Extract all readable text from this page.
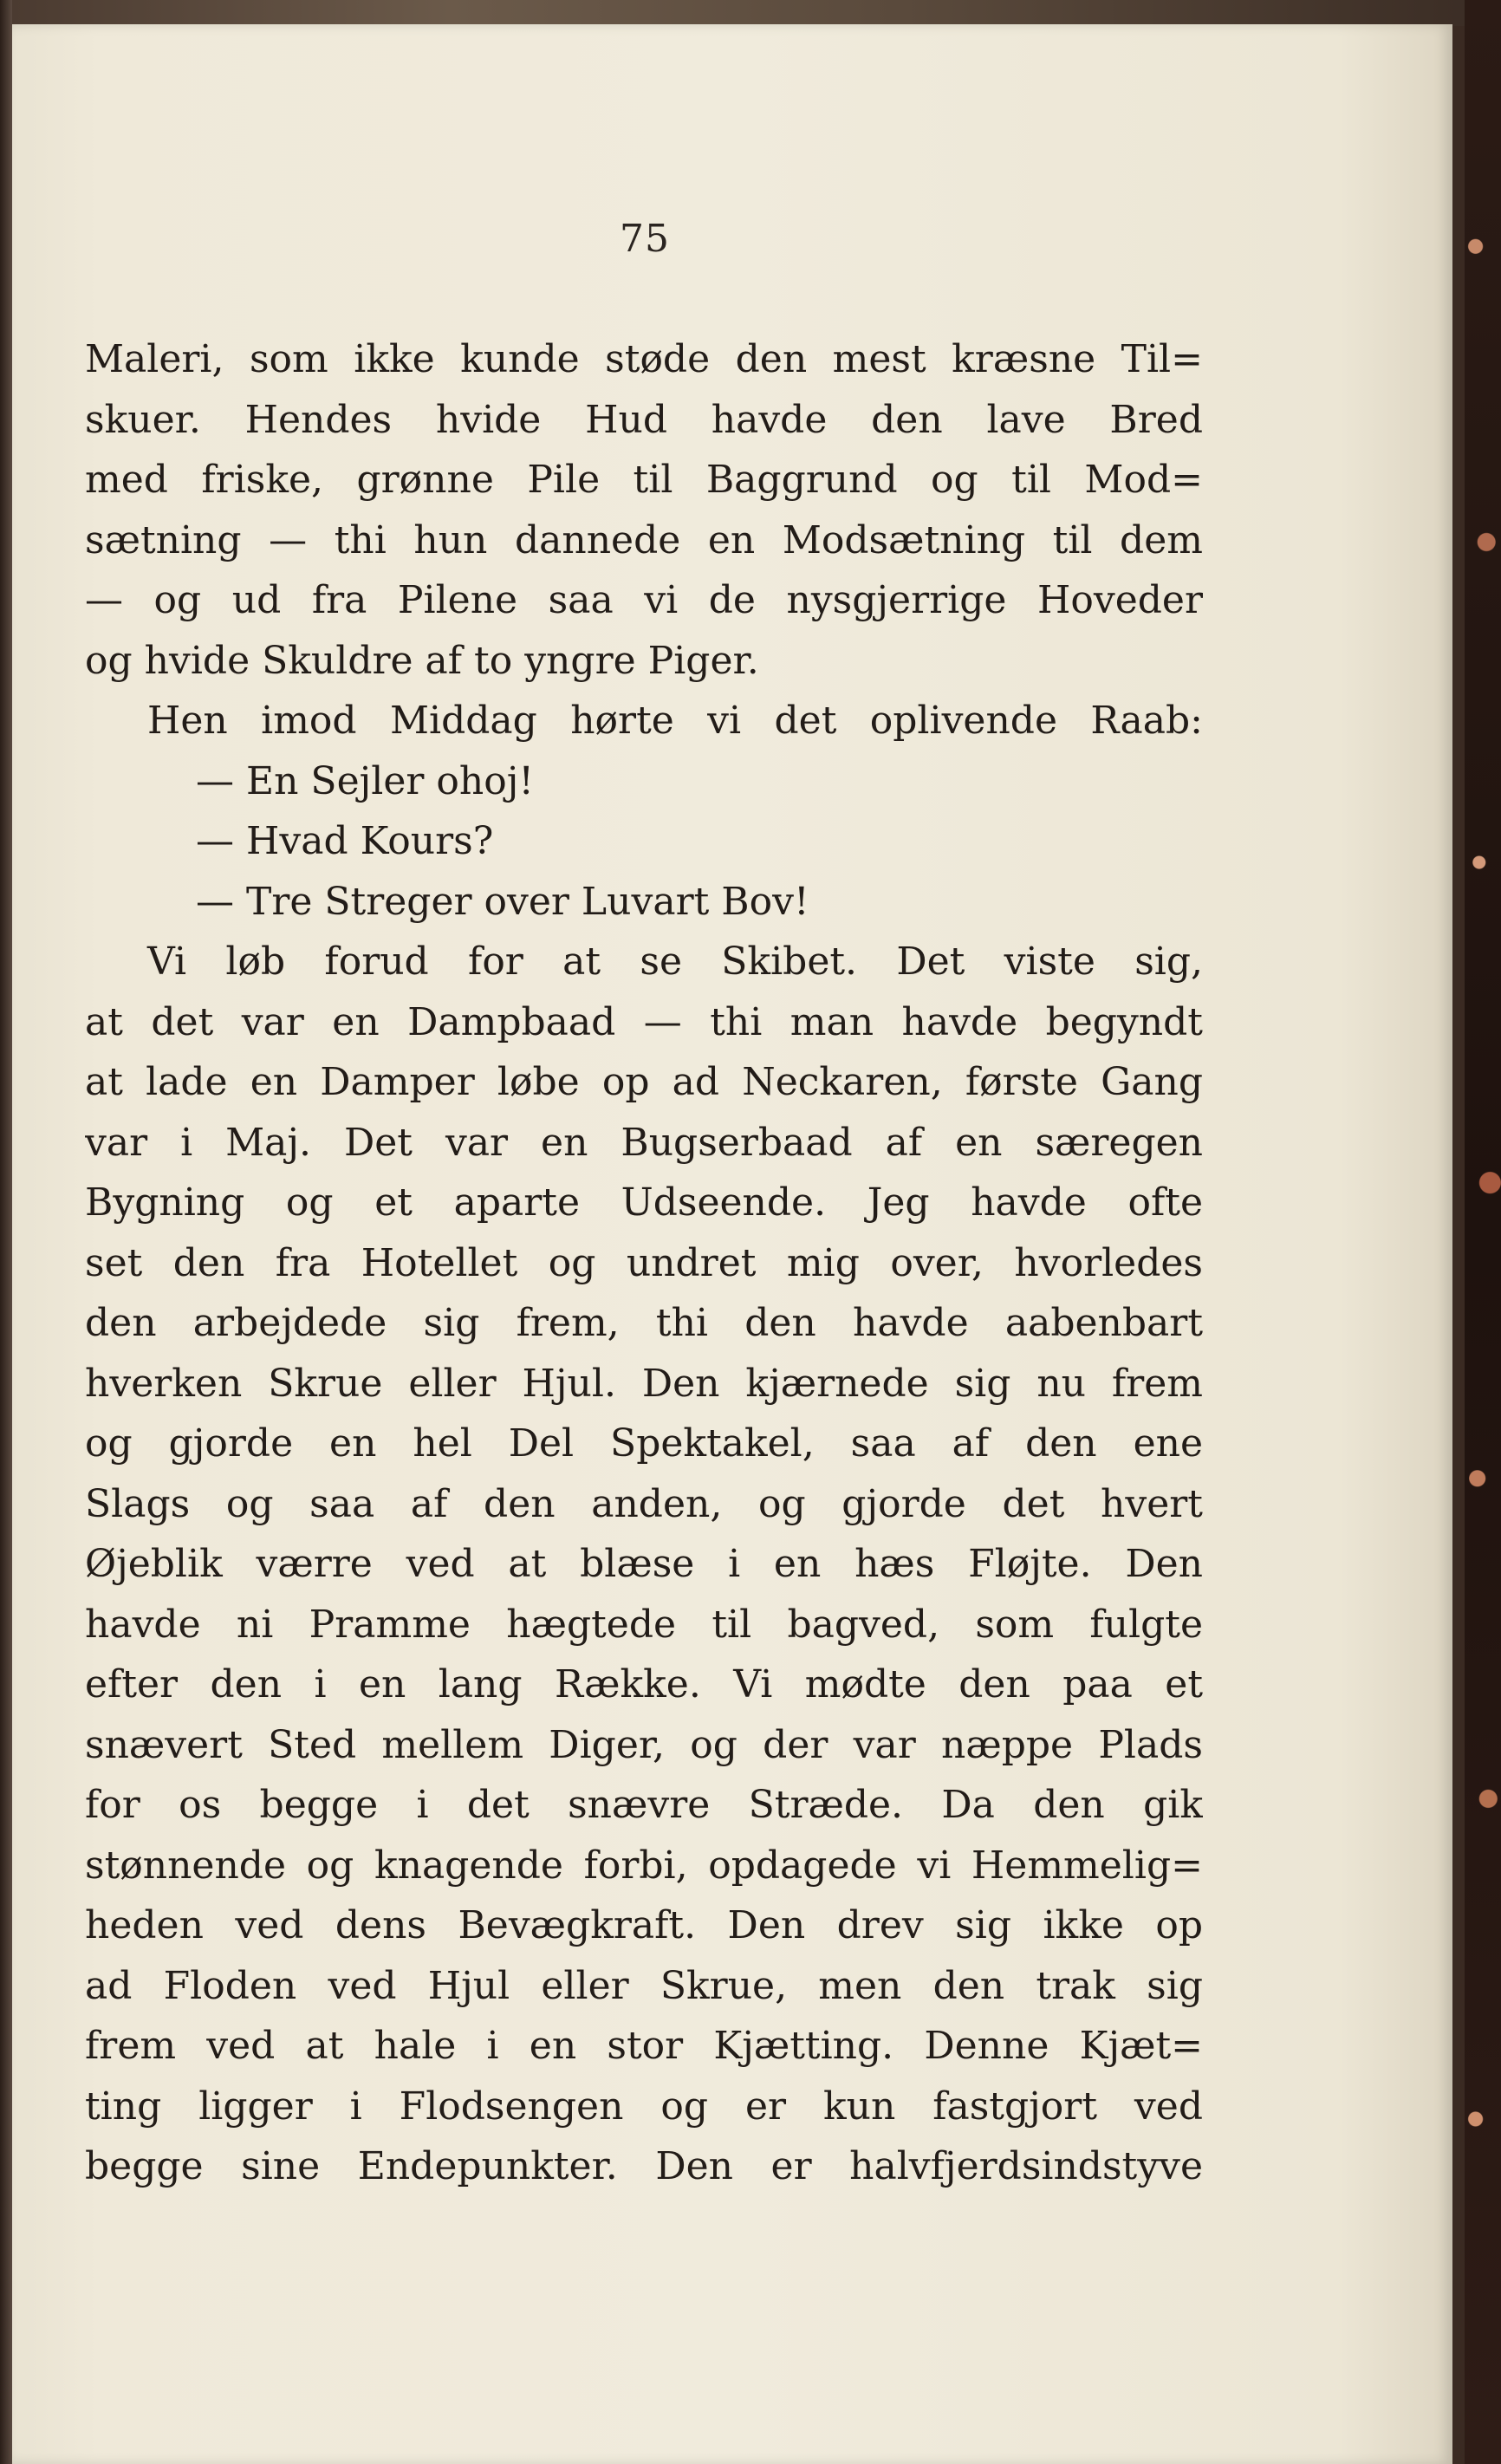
75
Maleri, som ikke kunde støde den mest kræsne Til=
skuer. Hendes hvide Hud havde den lave Bred
med friske, grønne Pile til Baggrund og til Mod=
sætning — thi hun dannede en Modsætning til dem
— og ud fra Pilene saa vi de nysgjerrige Hoveder
og hvide Skuldre af to yngre Piger.
Hen imod Middag hørte vi det oplivende Raab:
— En Sejler ohoj!
— Hvad Kours?
— Tre Streger over Luvart Bov!
Vi løb forud for at se Skibet. Det viste sig,
at det var en Dampbaad — thi man havde begyndt
at lade en Damper løbe op ad Neckaren, første Gang
var i Maj. Det var en Bugserbaad af en særegen
Bygning og et aparte Udseende. Jeg havde ofte
set den fra Hotellet og undret mig over, hvorledes
den arbejdede sig frem, thi den havde aabenbart
hverken Skrue eller Hjul. Den kjærnede sig nu frem
og gjorde en hel Del Spektakel, saa af den ene
Slags og saa af den anden, og gjorde det hvert
Øjeblik værre ved at blæse i en hæs Fløjte. Den
havde ni Pramme hægtede til bagved, som fulgte
efter den i en lang Række. Vi mødte den paa et
snævert Sted mellem Diger, og der var næppe Plads
for os begge i det snævre Stræde. Da den gik
stønnende og knagende forbi, opdagede vi Hemmelig=
heden ved dens Bevægkraft. Den drev sig ikke op
ad Floden ved Hjul eller Skrue, men den trak sig
frem ved at hale i en stor Kjætting. Denne Kjæt=
ting ligger i Flodsengen og er kun fastgjort ved
begge sine Endepunkter. Den er halvfjerdsindstyve
